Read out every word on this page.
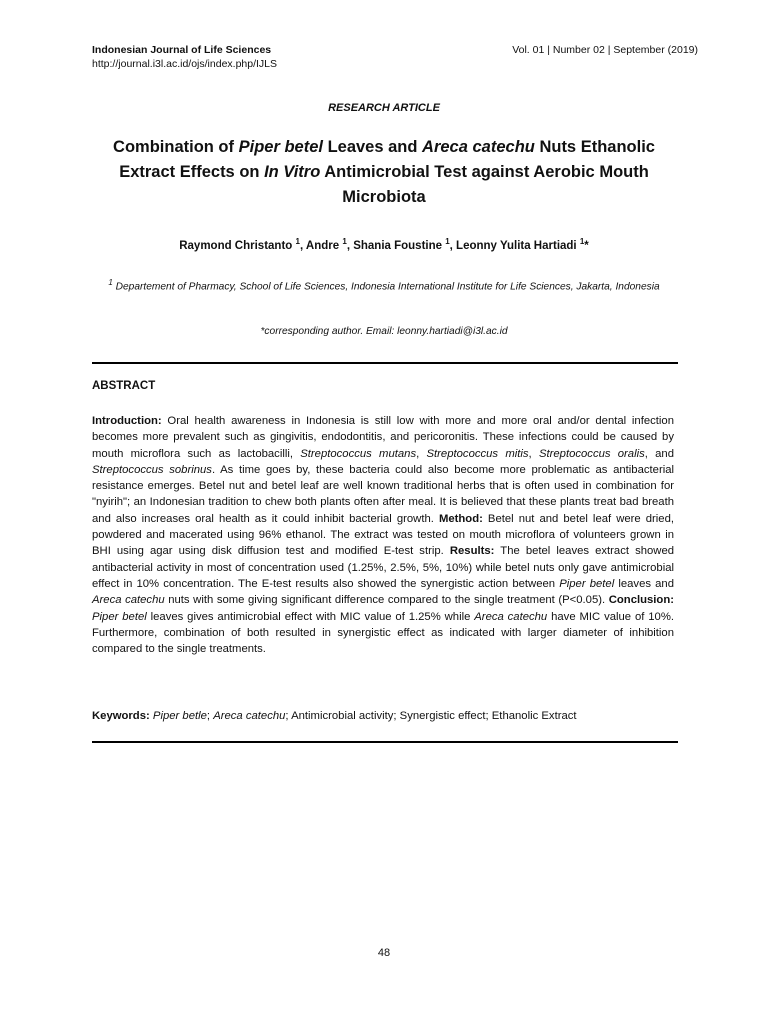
Indonesian Journal of Life Sciences
http://journal.i3l.ac.id/ojs/index.php/IJLS
Vol. 01 | Number 02 | September (2019)
RESEARCH ARTICLE
Combination of Piper betel Leaves and Areca catechu Nuts Ethanolic Extract Effects on In Vitro Antimicrobial Test against Aerobic Mouth Microbiota
Raymond Christanto $^1$, Andre $^1$, Shania Foustine $^1$, Leonny Yulita Hartiadi $^1$*
$^1$ Departement of Pharmacy, School of Life Sciences, Indonesia International Institute for Life Sciences, Jakarta, Indonesia
*corresponding author. Email: leonny.hartiadi@i3l.ac.id
ABSTRACT

Introduction: Oral health awareness in Indonesia is still low with more and more oral and/or dental infection becomes more prevalent such as gingivitis, endodontitis, and pericoronitis. These infections could be caused by mouth microflora such as lactobacilli, Streptococcus mutans, Streptococcus mitis, Streptococcus oralis, and Streptococcus sobrinus. As time goes by, these bacteria could also become more problematic as antibacterial resistance emerges. Betel nut and betel leaf are well known traditional herbs that is often used in combination for "nyirih"; an Indonesian tradition to chew both plants often after meal. It is believed that these plants treat bad breath and also increases oral health as it could inhibit bacterial growth. Method: Betel nut and betel leaf were dried, powdered and macerated using 96% ethanol. The extract was tested on mouth microflora of volunteers grown in BHI using agar using disk diffusion test and modified E-test strip. Results: The betel leaves extract showed antibacterial activity in most of concentration used (1.25%, 2.5%, 5%, 10%) while betel nuts only gave antimicrobial effect in 10% concentration. The E-test results also showed the synergistic action between Piper betel leaves and Areca catechu nuts with some giving significant difference compared to the single treatment (P<0.05). Conclusion: Piper betel leaves gives antimicrobial effect with MIC value of 1.25% while Areca catechu have MIC value of 10%. Furthermore, combination of both resulted in synergistic effect as indicated with larger diameter of inhibition compared to the single treatments.

Keywords: Piper betle; Areca catechu; Antimicrobial activity; Synergistic effect; Ethanolic Extract

48
